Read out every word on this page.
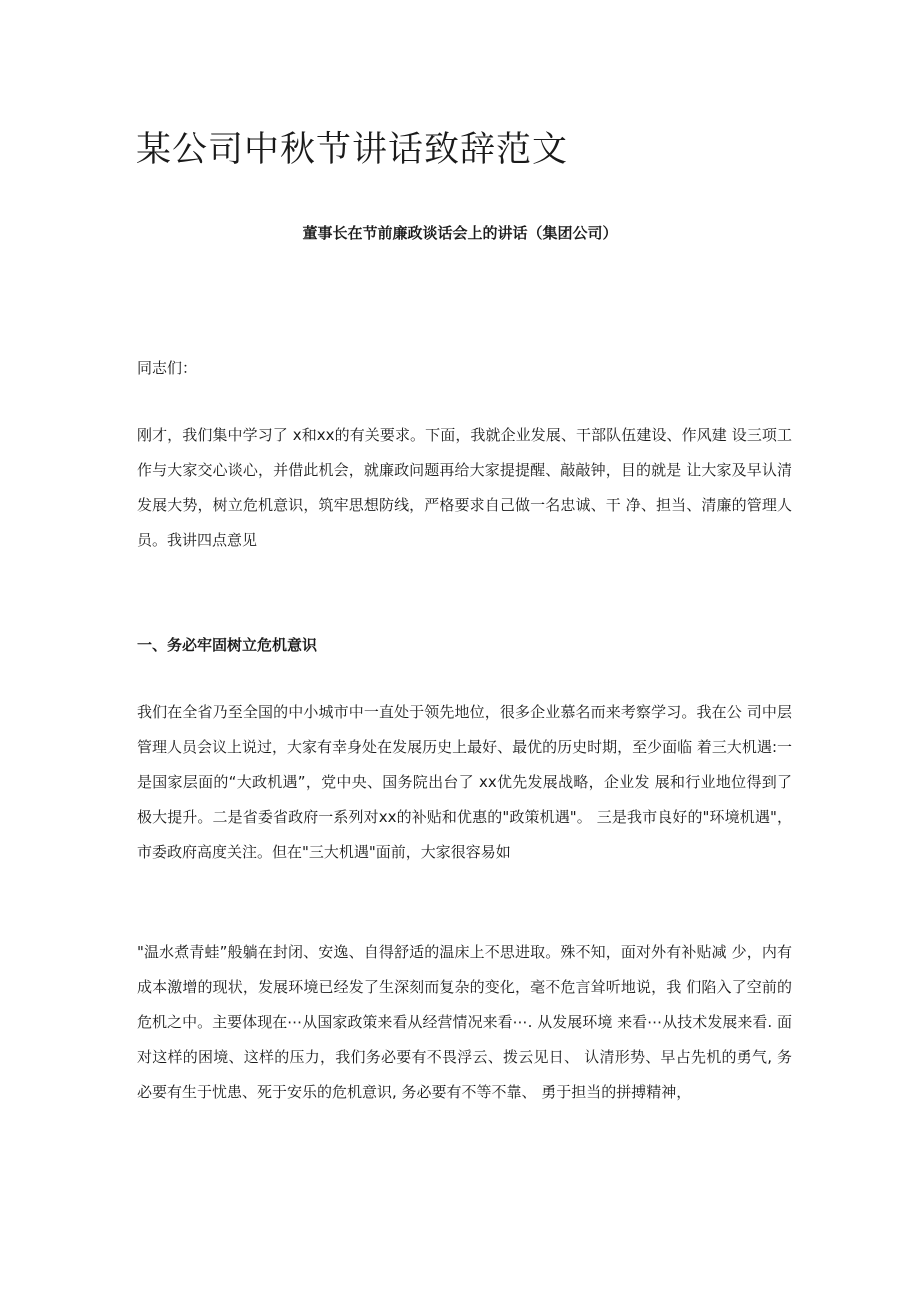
某公司中秋节讲话致辞范文
董事长在节前廉政谈话会上的讲话（集团公司）

同志们：

刚才，我们集中学习了 x和xx的有关要求。下面，我就企业发展、干部队伍建设、作风建 设三项工作与大家交心谈心，并借此机会，就廉政问题再给大家提提醒、敲敲钟，目的就是 让大家及早认清发展大势，树立危机意识，筑牢思想防线，严格要求自己做一名忠诚、干 净、担当、清廉的管理人员。我讲四点意见

一、务必牢固树立危机意识

我们在全省乃至全国的中小城市中一直处于领先地位，很多企业慕名而来考察学习。我在公 司中层管理人员会议上说过，大家有幸身处在发展历史上最好、最优的历史时期，至少面临 着三大机遇:一是国家层面的“大政机遇”，党中央、国务院出台了 xx优先发展战略，企业发 展和行业地位得到了极大提升。二是省委省政府一系列对xx的补贴和优惠的"政策机遇"。 三是我市良好的"环境机遇"，市委政府高度关注。但在"三大机遇"面前，大家很容易如

"温水煮青蛙”般躺在封闭、安逸、自得舒适的温床上不思进取。殊不知，面对外有补贴减 少，内有成本激增的现状，发展环境已经发了生深刻而复杂的变化，毫不危言耸听地说，我 们陷入了空前的危机之中。主要体现在⋯从国家政策来看从经营情况来看⋯. 从发展环境 来看⋯从技术发展来看. 面对这样的困境、这样的压力，我们务必要有不畏浮云、拨云见日、 认清形势、早占先机的勇气, 务必要有生于忧患、死于安乐的危机意识, 务必要有不等不靠、 勇于担当的拼搏精神，
